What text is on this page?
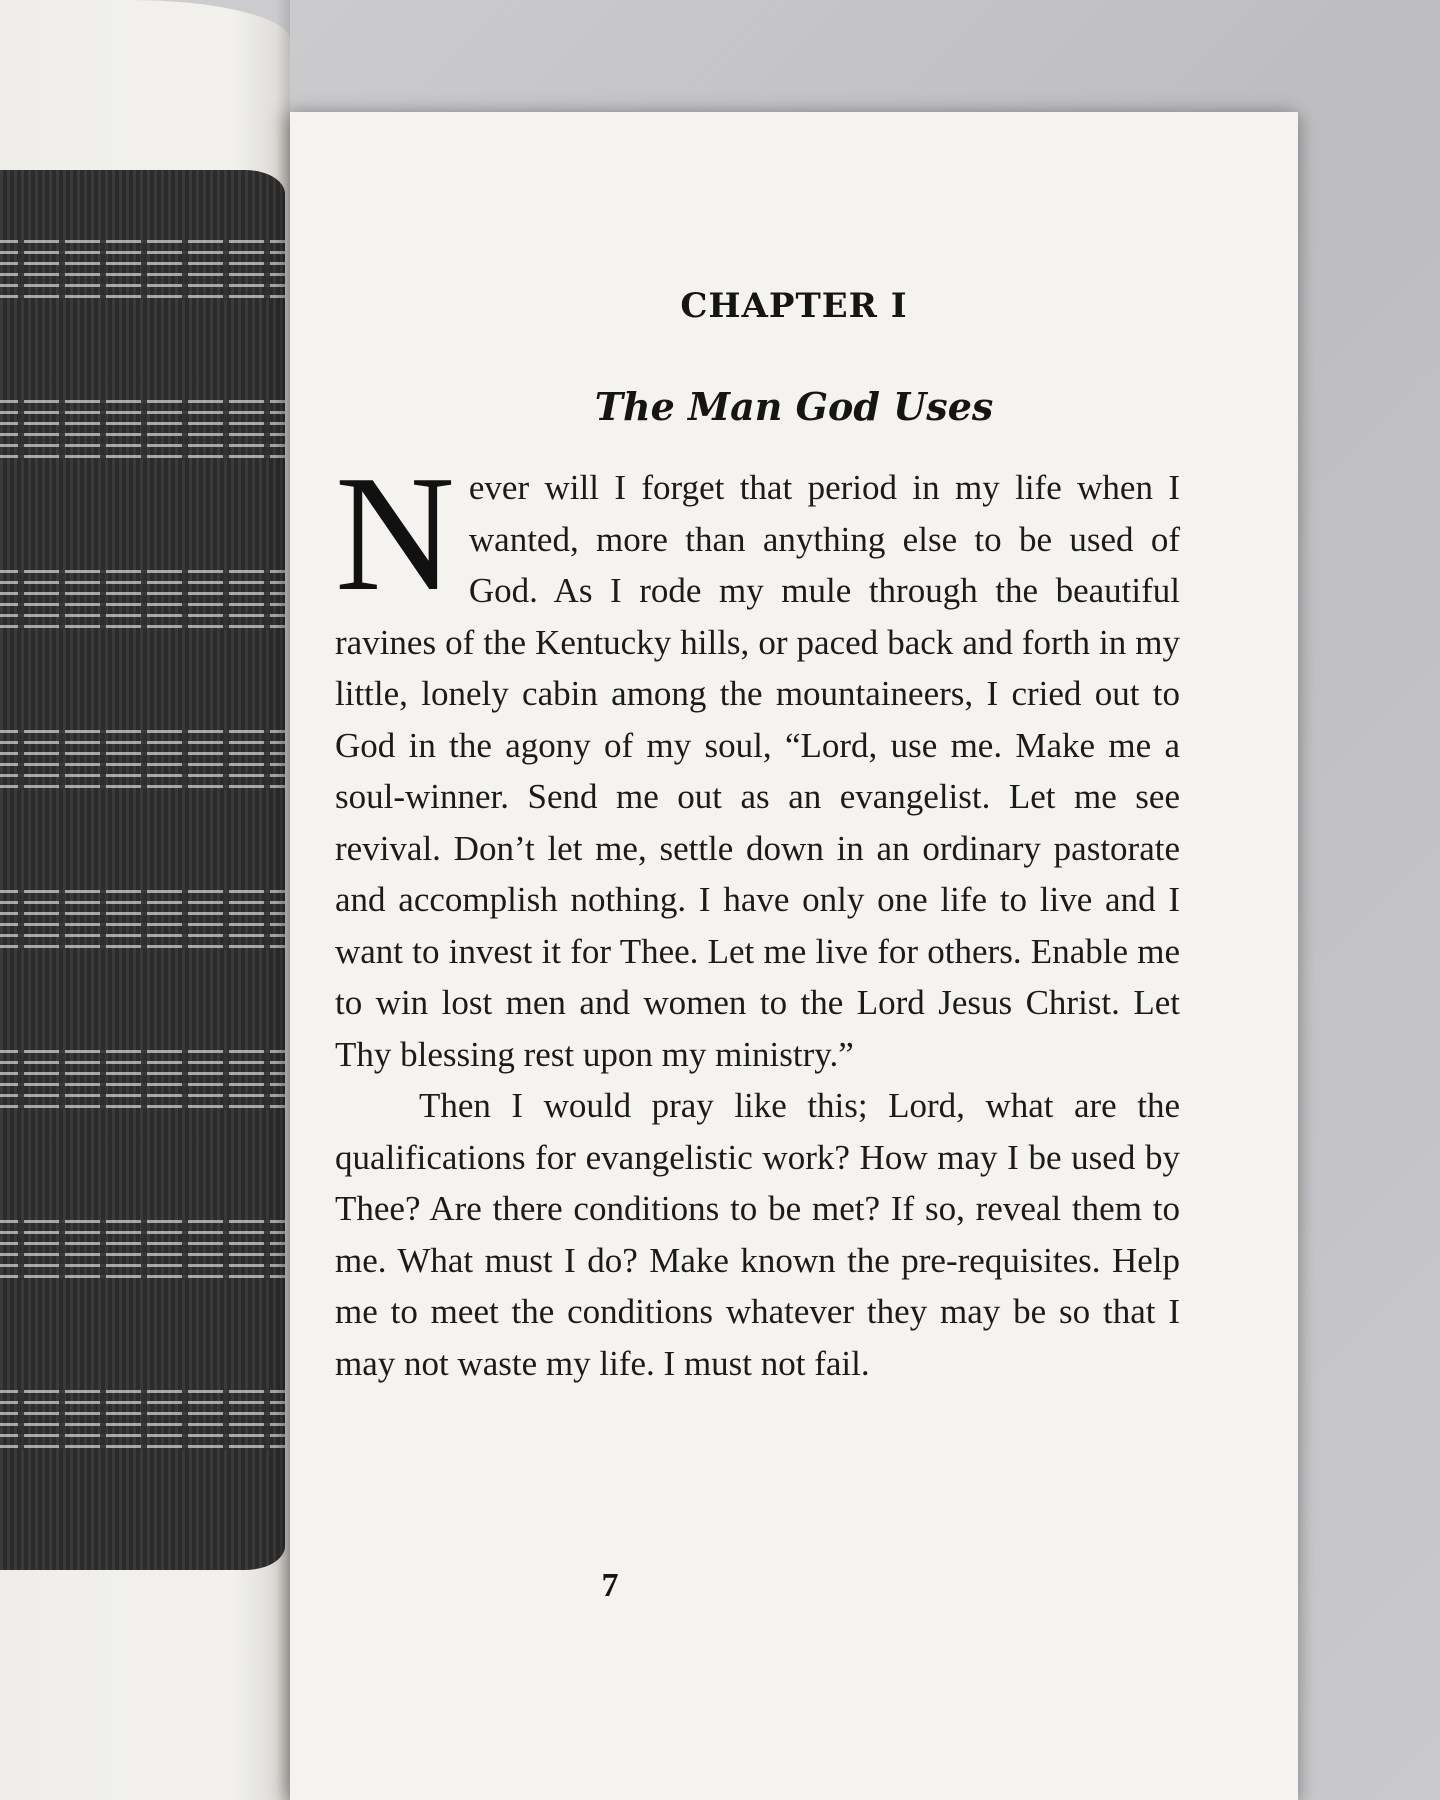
CHAPTER I
The Man God Uses

Never will I forget that period in my life when I wanted, more than anything else to be used of God. As I rode my mule through the beautiful ravines of the Kentucky hills, or paced back and forth in my little, lonely cabin among the mountaineers, I cried out to God in the agony of my soul, “Lord, use me. Make me a soul-winner. Send me out as an evangelist. Let me see revival. Don’t let me, settle down in an ordinary pastorate and accomplish nothing. I have only one life to live and I want to invest it for Thee. Let me live for others. Enable me to win lost men and women to the Lord Jesus Christ. Let Thy blessing rest upon my ministry.”

Then I would pray like this; Lord, what are the qualifications for evangelistic work? How may I be used by Thee? Are there conditions to be met? If so, reveal them to me. What must I do? Make known the pre-requisites. Help me to meet the conditions whatever they may be so that I may not waste my life. I must not fail.

7
